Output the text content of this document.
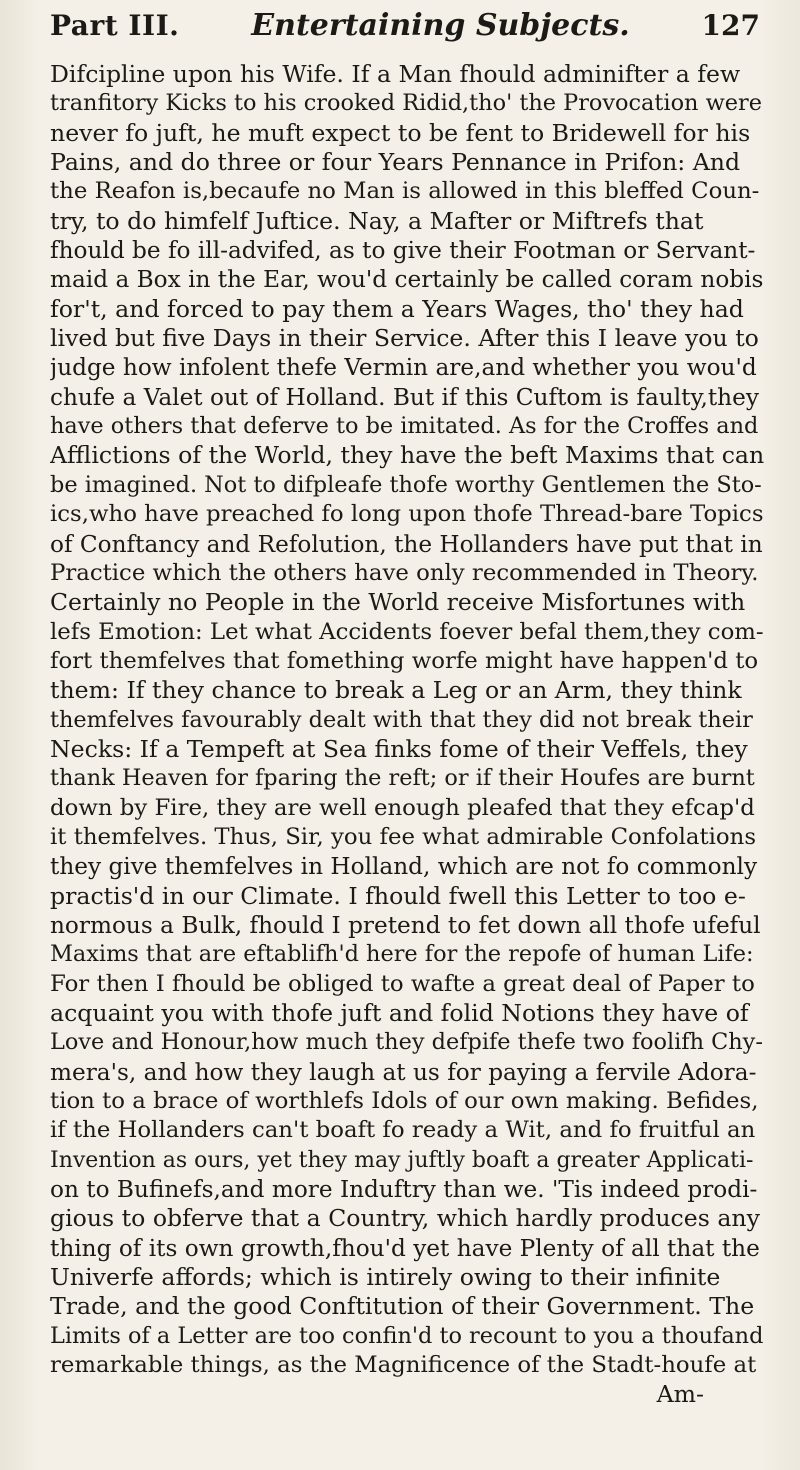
Part III. Entertaining Subjects.	127
Difcipline upon his Wife. If a Man fhould adminifter a few
tranfitory Kicks to his crooked Ridid,tho' the Provocation were
never fo juft, he muft expect to be fent to Bridewell for his
Pains, and do three or four Years Pennance in Prifon: And
the Reafon is,becaufe no Man is allowed in this bleffed Coun-
try, to do himfelf Juftice. Nay, a Mafter or Miftrefs that
fhould be fo ill-advifed, as to give their Footman or Servant-
maid a Box in the Ear, wou'd certainly be called coram nobis
for't, and forced to pay them a Years Wages, tho' they had
lived but five Days in their Service. After this I leave you to
judge how infolent thefe Vermin are,and whether you wou'd
chufe a Valet out of Holland. But if this Cuftom is faulty,they
have others that deferve to be imitated. As for the Croffes and
Afflictions of the World, they have the beft Maxims that can
be imagined. Not to difpleafe thofe worthy Gentlemen the Sto-
ics,who have preached fo long upon thofe Thread-bare Topics
of Conftancy and Refolution, the Hollanders have put that in
Practice which the others have only recommended in Theory.
Certainly no People in the World receive Misfortunes with
lefs Emotion: Let what Accidents foever befal them,they com-
fort themfelves that fomething worfe might have happen'd to
them: If they chance to break a Leg or an Arm, they think
themfelves favourably dealt with that they did not break their
Necks: If a Tempeft at Sea finks fome of their Veffels, they
thank Heaven for fparing the reft; or if their Houfes are burnt
down by Fire, they are well enough pleafed that they efcap'd
it themfelves. Thus, Sir, you fee what admirable Confolations
they give themfelves in Holland, which are not fo commonly
practis'd in our Climate. I fhould fwell this Letter to too e-
normous a Bulk, fhould I pretend to fet down all thofe ufeful
Maxims that are eftablifh'd here for the repofe of human Life:
For then I fhould be obliged to wafte a great deal of Paper to
acquaint you with thofe juft and folid Notions they have of
Love and Honour,how much they defpife thefe two foolifh Chy-
mera's, and how they laugh at us for paying a fervile Adora-
tion to a brace of worthlefs Idols of our own making. Befides,
if the Hollanders can't boaft fo ready a Wit, and fo fruitful an
Invention as ours, yet they may juftly boaft a greater Applicati-
on to Bufinefs,and more Induftry than we. 'Tis indeed prodi-
gious to obferve that a Country, which hardly produces any
thing of its own growth,fhou'd yet have Plenty of all that the
Univerfe affords; which is intirely owing to their infinite
Trade, and the good Conftitution of their Government. The
Limits of a Letter are too confin'd to recount to you a thoufand
remarkable things, as the Magnificence of the Stadt-houfe at
Am-
